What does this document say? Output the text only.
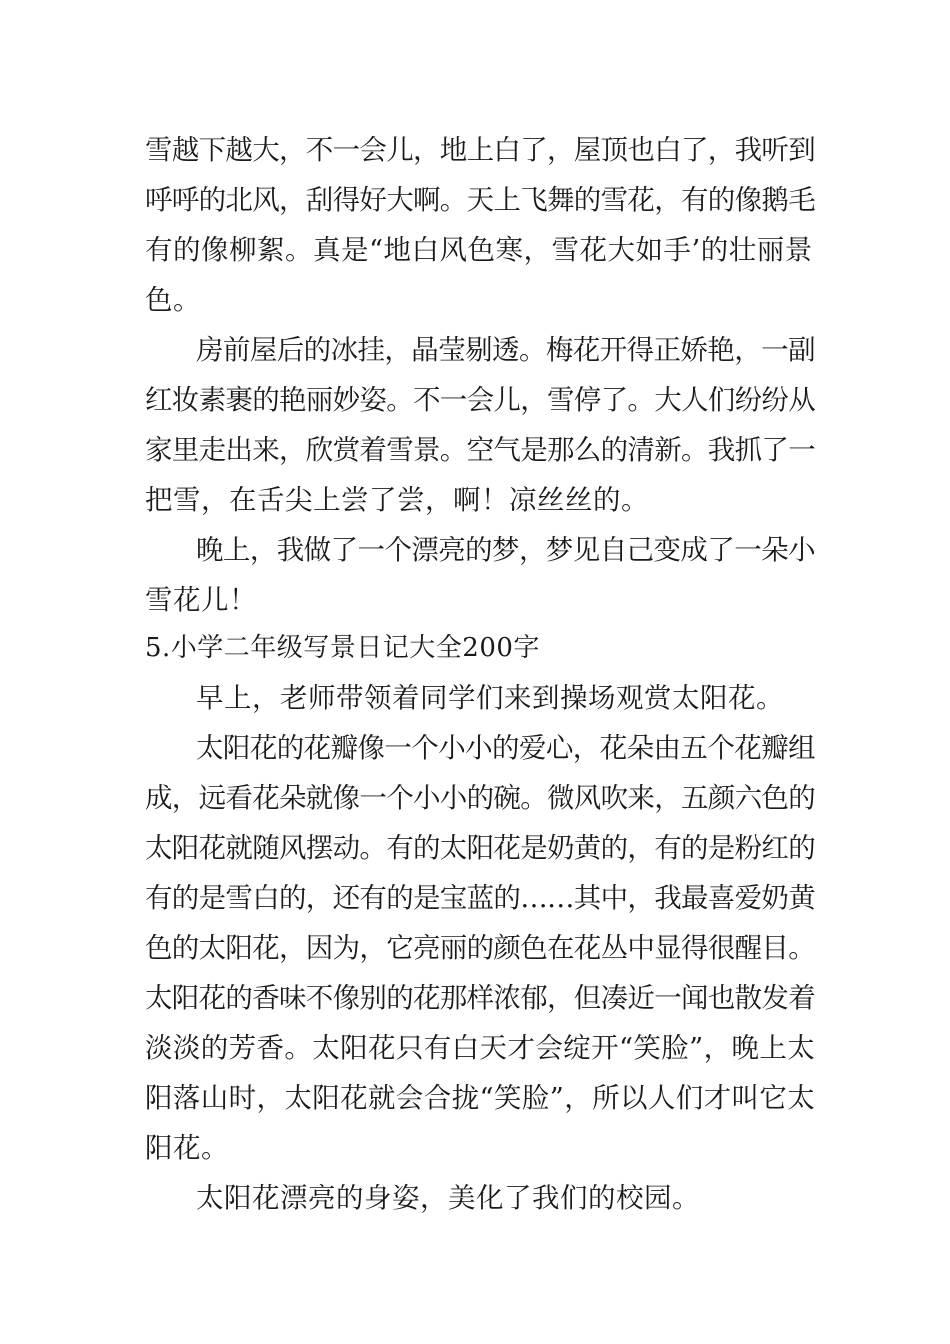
雪越下越大，不一会儿，地上白了，屋顶也白了，我听到
呼呼的北风，刮得好大啊。天上飞舞的雪花，有的像鹅毛
有的像柳絮。真是“地白风色寒，雪花大如手’的壮丽景
色。
房前屋后的冰挂，晶莹剔透。梅花开得正娇艳，一副
红妆素裹的艳丽妙姿。不一会儿，雪停了。大人们纷纷从
家里走出来，欣赏着雪景。空气是那么的清新。我抓了一
把雪，在舌尖上尝了尝，啊！凉丝丝的。
晚上，我做了一个漂亮的梦，梦见自己变成了一朵小
雪花儿！
5.小学二年级写景日记大全200字
早上，老师带领着同学们来到操场观赏太阳花。
太阳花的花瓣像一个小小的爱心，花朵由五个花瓣组
成，远看花朵就像一个小小的碗。微风吹来，五颜六色的
太阳花就随风摆动。有的太阳花是奶黄的，有的是粉红的
有的是雪白的，还有的是宝蓝的……其中，我最喜爱奶黄
色的太阳花，因为，它亮丽的颜色在花丛中显得很醒目。
太阳花的香味不像别的花那样浓郁，但凑近一闻也散发着
淡淡的芳香。太阳花只有白天才会绽开“笑脸”，晚上太
阳落山时，太阳花就会合拢“笑脸”，所以人们才叫它太
阳花。
太阳花漂亮的身姿，美化了我们的校园。
